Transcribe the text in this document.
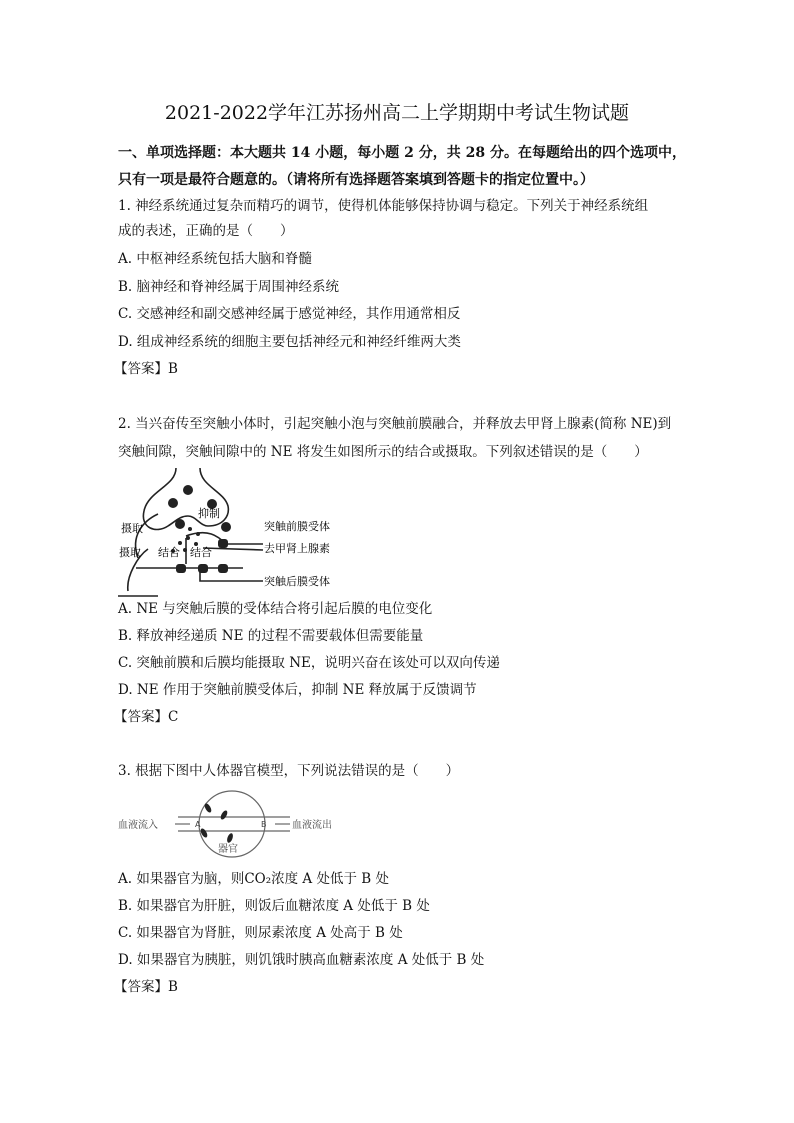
2021-2022学年江苏扬州高二上学期期中考试生物试题
一、单项选择题：本大题共 14 小题，每小题 2 分，共 28 分。在每题给出的四个选项中，
只有一项是最符合题意的。（请将所有选择题答案填到答题卡的指定位置中。）
1. 神经系统通过复杂而精巧的调节，使得机体能够保持协调与稳定。下列关于神经系统组
成的表述，正确的是（　　）
A. 中枢神经系统包括大脑和脊髓
B. 脑神经和脊神经属于周围神经系统
C. 交感神经和副交感神经属于感觉神经，其作用通常相反
D. 组成神经系统的细胞主要包括神经元和神经纤维两大类
【答案】B
2. 当兴奋传至突触小体时，引起突触小泡与突触前膜融合，并释放去甲肾上腺素(简称 NE)到
突触间隙，突触间隙中的 NE 将发生如图所示的结合或摄取。下列叙述错误的是（　　）
抑制
摄取
摄取 结合 结合
突触前膜受体
去甲肾上腺素
突触后膜受体
A. NE 与突触后膜的受体结合将引起后膜的电位变化
B. 释放神经递质 NE 的过程不需要载体但需要能量
C. 突触前膜和后膜均能摄取 NE，说明兴奋在该处可以双向传递
D. NE 作用于突触前膜受体后，抑制 NE 释放属于反馈调节
【答案】C
3. 根据下图中人体器官模型，下列说法错误的是（　　）
血液流入	A	B	血液流出
器官
A. 如果器官为脑，则CO₂浓度 A 处低于 B 处
B. 如果器官为肝脏，则饭后血糖浓度 A 处低于 B 处
C. 如果器官为肾脏，则尿素浓度 A 处高于 B 处
D. 如果器官为胰脏，则饥饿时胰高血糖素浓度 A 处低于 B 处
【答案】B
